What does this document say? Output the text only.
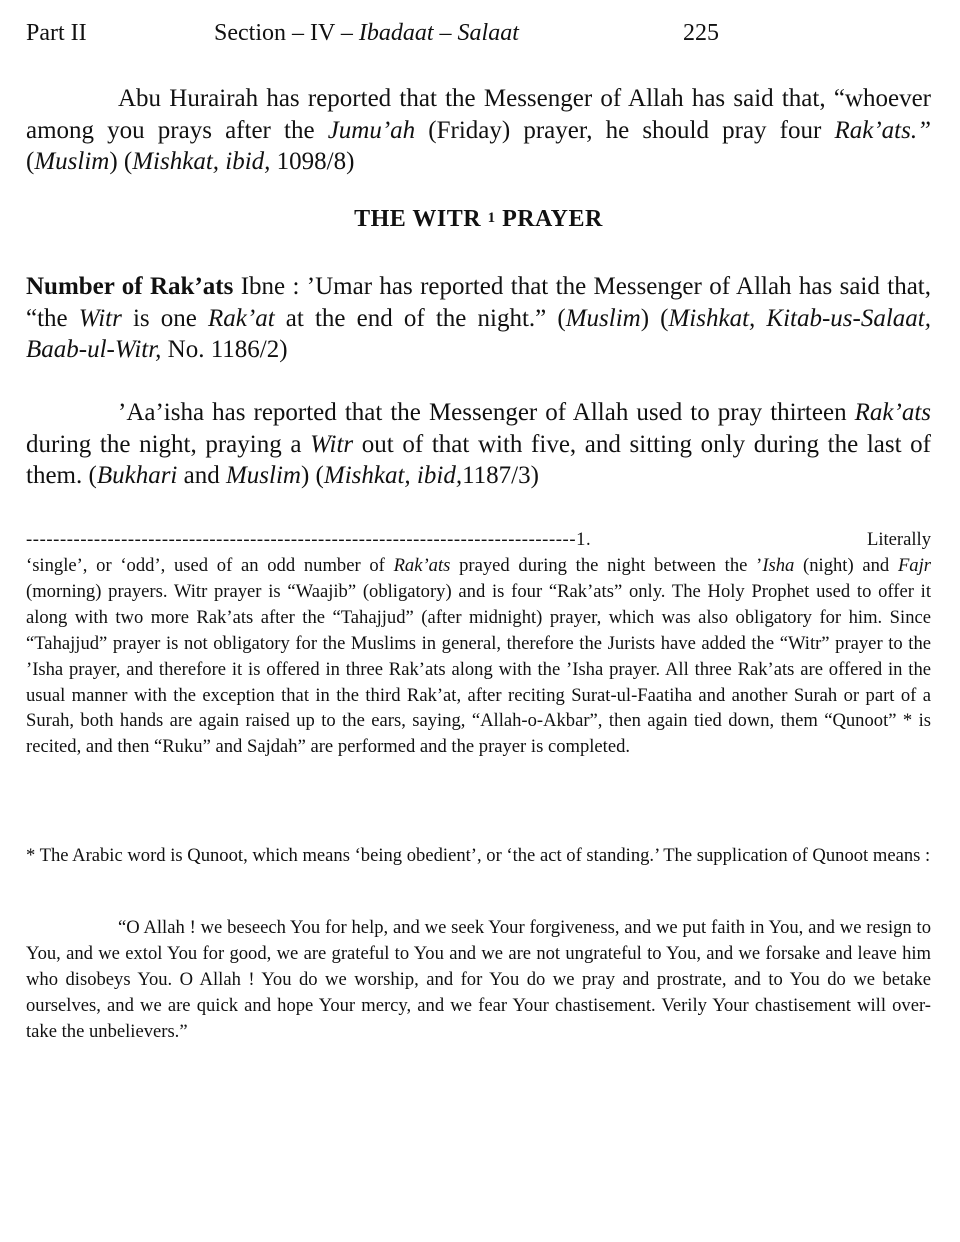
Part II	Section – IV – Ibadaat – Salaat	225

Abu Hurairah has reported that the Messenger of Allah has said that, “whoever among you prays after the Jumu’ah (Friday) prayer, he should pray four Rak’ats.” (Muslim) (Mishkat, ibid, 1098/8)

THE WITR $^1$ PRAYER

Number of Rak’ats Ibne : ’Umar has reported that the Messenger of Allah has said that, “the Witr is one Rak’at at the end of the night.” (Muslim) (Mishkat, Kitab-us-Salaat, Baab-ul-Witr, No. 1186/2)

’Aa’isha has reported that the Messenger of Allah used to pray thirteen Rak’ats during the night, praying a Witr out of that with five, and sitting only during the last of them. (Bukhari and Muslim) (Mishkat, ibid,1187/3)

---------------------------------------------------------------------------------1.	Literally

‘single’, or ‘odd’, used of an odd number of Rak’ats prayed during the night between the ’Isha (night) and Fajr (morning) prayers. Witr prayer is “Waajib” (obligatory) and is four “Rak’ats” only. The Holy Prophet used to offer it along with two more Rak’ats after the “Tahajjud” (after midnight) prayer, which was also obligatory for him. Since “Tahajjud” prayer is not obligatory for the Muslims in general, therefore the Jurists have added the “Witr” prayer to the ’Isha prayer, and therefore it is offered in three Rak’ats along with the ’Isha prayer. All three Rak’ats are offered in the usual manner with the exception that in the third Rak’at, after reciting Surat-ul-Faatiha and another Surah or part of a Surah, both hands are again raised up to the ears, saying, “Allah-o-Akbar”, then again tied down, them “Qunoot” * is recited, and then “Ruku” and Sajdah” are performed and the prayer is completed.

* The Arabic word is Qunoot, which means ‘being obedient’, or ‘the act of standing.’ The supplication of Qunoot means :

“O Allah ! we beseech You for help, and we seek Your forgiveness, and we put faith in You, and we resign to You, and we extol You for good, we are grateful to You and we are not ungrateful to You, and we forsake and leave him who disobeys You. O Allah ! You do we worship, and for You do we pray and prostrate, and to You do we betake ourselves, and we are quick and hope Your mercy, and we fear Your chastisement. Verily Your chastisement will over-take the unbelievers.”
